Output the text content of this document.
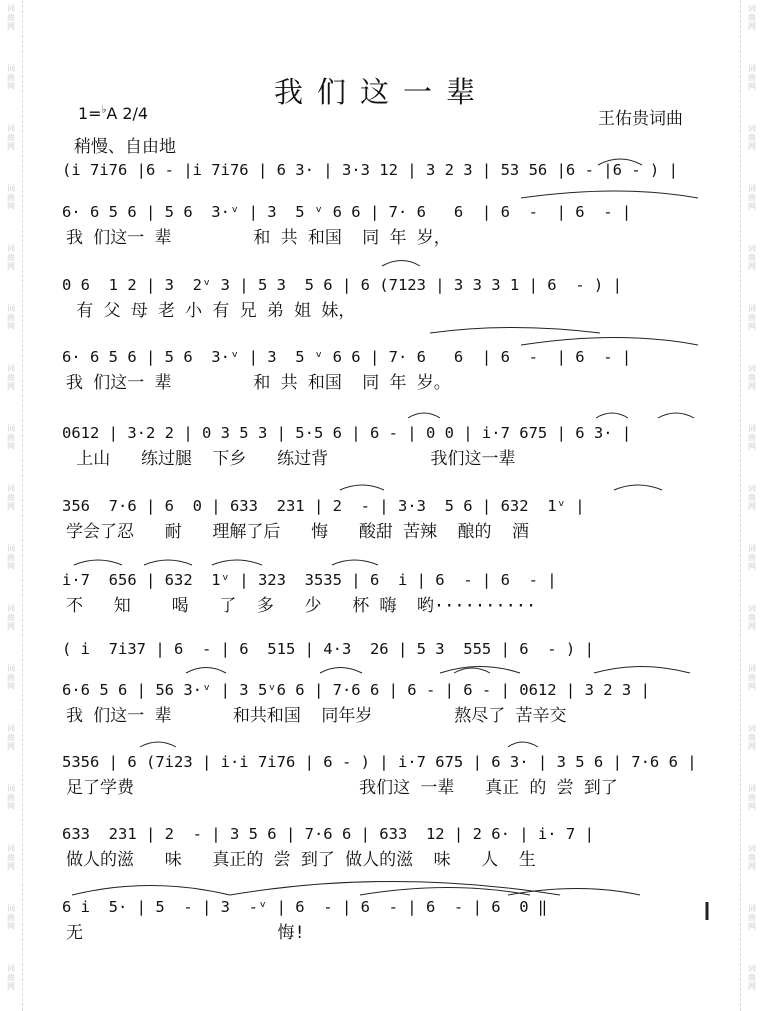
词
曲
网
词
曲
网
词
曲
网
词
曲
网
词
曲
网
词
曲
网
词
曲
网
词
曲
网
词
曲
网
词
曲
网
词
曲
网
词
曲
网
词
曲
网
词
曲
网
词
曲
网
词
曲
网
词
曲
网
词
曲
网
词
曲
网
词
曲
网
词
曲
网
词
曲
网
词
曲
网
词
曲
网
词
曲
网
词
曲
网
词
曲
网
词
曲
网
词
曲
网
词
曲
网
词
曲
网
词
曲
网
词
曲
网
词
曲
网
我们这一辈
1=♭A 2/4	王佑贵词曲
稍慢、自由地
(i 7i76 |6 - |i 7i76 | 6 3· | 3·3 12 | 3 2 3 | 53 56 |6 - |6 - ) |
6· 6 5 6 | 5 6  3·ᵛ | 3  5 ᵛ 6 6 | 7· 6   6  | 6  -  | 6  - |
我 们这一 辈        和 共 和国  同 年 岁，
0 6  1 2 | 3  2ᵛ 3 | 5 3  5 6 | 6 (7123 | 3 3 3 1 | 6  - ) |
有 父 母 老 小 有 兄 弟 姐 妹，
6· 6 5 6 | 5 6  3·ᵛ | 3  5 ᵛ 6 6 | 7· 6   6  | 6  -  | 6  - |
我 们这一 辈        和 共 和国  同 年 岁。
0612 | 3·2 2 | 0 3 5 3 | 5·5 6 | 6 - | 0 0 | i·7 675 | 6 3· |
上山   练过腿  下乡   练过背          我们这一辈
356  7·6 | 6  0 | 633  231 | 2  - | 3·3  5 6 | 632  1ᵛ |
学会了忍   耐   理解了后   悔   酸甜 苦辣  酿的  酒
i·7  656 | 632  1ᵛ | 323  3535 | 6  i | 6  - | 6  - |
不   知    喝   了  多   少   杯 嗨  哟··········
( i  7i37 | 6  - | 6  515 | 4·3  26 | 5 3  555 | 6  - ) |
6·6 5 6 | 56 3·ᵛ | 3 5ᵛ6 6 | 7·6 6 | 6 - | 6 - | 0612 | 3 2 3 |
我 们这一 辈      和共和国  同年岁        熬尽了 苦辛交
5356 | 6 (7i23 | i·i 7i76 | 6 - ) | i·7 675 | 6 3· | 3 5 6 | 7·6 6 |
足了学费                      我们这 一辈   真正 的 尝 到了
633  231 | 2  - | 3 5 6 | 7·6 6 | 633  12 | 2 6· | i· 7 |
做人的滋   味   真正的 尝 到了 做人的滋  味   人  生
6 i  5· | 5  - | 3  -ᵛ | 6  - | 6  - | 6  - | 6  0 ‖
无                   悔!
